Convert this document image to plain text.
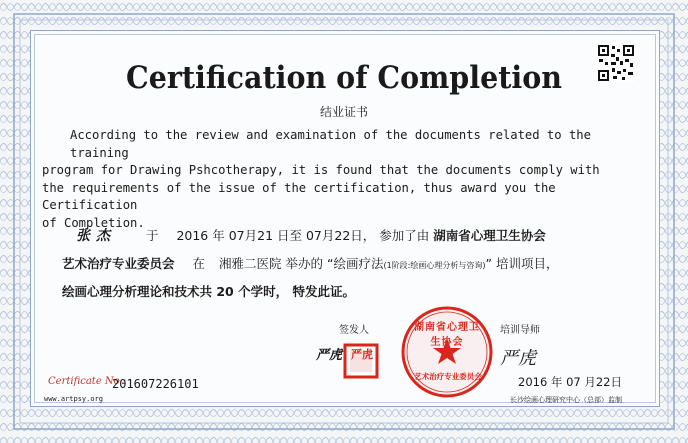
Certification of Completion
结业证书
According to the review and examination of the documents related to the training
program for Drawing Pshcotherapy, it is found that the documents comply with
the requirements of the issue of the certification, thus award you the Certification
of Completion.
张杰 于 2016 年 07月21 日至 07月22日， 参加了由 湖南省心理卫生协会
艺术治疗专业委员会 在 湘雅二医院 举办的 “绘画疗法(1阶段:绘画心理分析与咨询)” 培训项目，
绘画心理分析理论和技术共 20 个学时， 特发此证。
签发人
严虎 严虎
湖南省心理卫生协会
艺术治疗专业委员会
培训导师
严虎
2016 年 07 月22日
Certificate No :
201607226101
www.artpsy.org	长沙绘画心理研究中心（总部）监制
